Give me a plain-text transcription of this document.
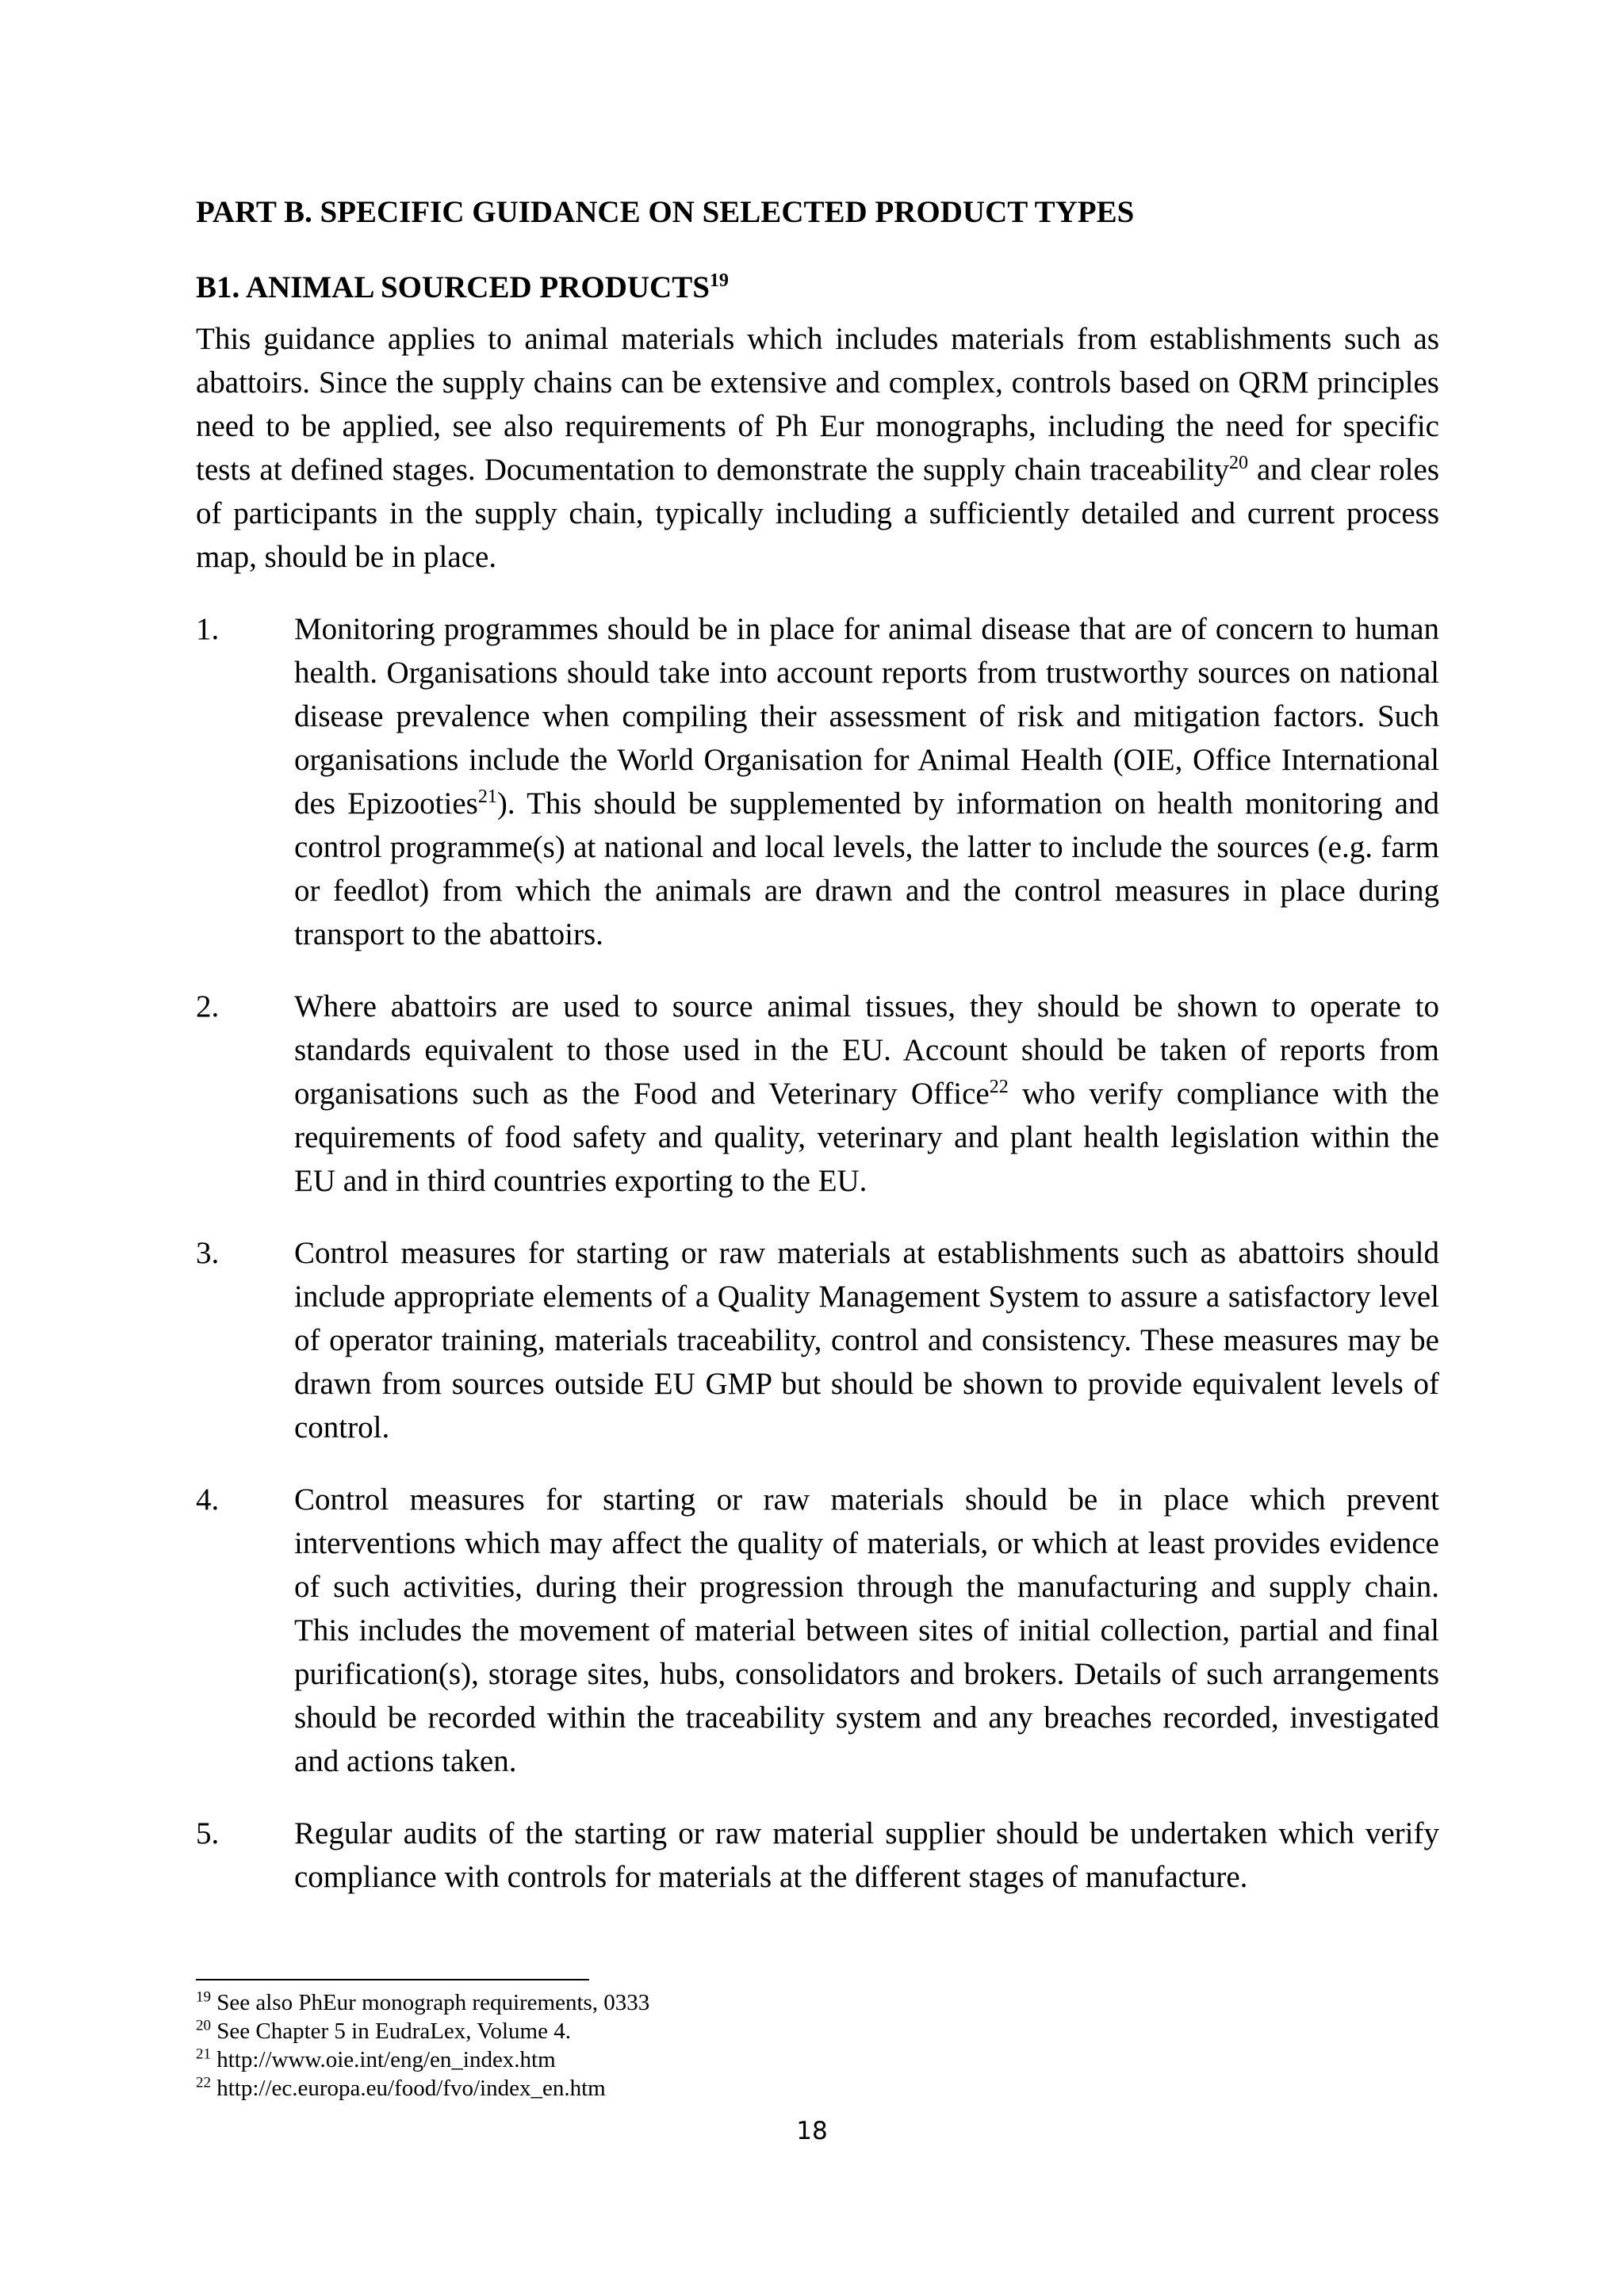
PART B. SPECIFIC GUIDANCE ON SELECTED PRODUCT TYPES
B1. ANIMAL SOURCED PRODUCTS$^{19}$

This guidance applies to animal materials which includes materials from establishments such as abattoirs. Since the supply chains can be extensive and complex, controls based on QRM principles need to be applied, see also requirements of Ph Eur monographs, including the need for specific tests at defined stages. Documentation to demonstrate the supply chain traceability$^{20}$ and clear roles of participants in the supply chain, typically including a sufficiently detailed and current process map, should be in place.

1. Monitoring programmes should be in place for animal disease that are of concern to human health. Organisations should take into account reports from trustworthy sources on national disease prevalence when compiling their assessment of risk and mitigation factors. Such organisations include the World Organisation for Animal Health (OIE, Office International des Epizooties$^{21}$). This should be supplemented by information on health monitoring and control programme(s) at national and local levels, the latter to include the sources (e.g. farm or feedlot) from which the animals are drawn and the control measures in place during transport to the abattoirs.
2. Where abattoirs are used to source animal tissues, they should be shown to operate to standards equivalent to those used in the EU. Account should be taken of reports from organisations such as the Food and Veterinary Office$^{22}$ who verify compliance with the requirements of food safety and quality, veterinary and plant health legislation within the EU and in third countries exporting to the EU.
3. Control measures for starting or raw materials at establishments such as abattoirs should include appropriate elements of a Quality Management System to assure a satisfactory level of operator training, materials traceability, control and consistency. These measures may be drawn from sources outside EU GMP but should be shown to provide equivalent levels of control.
4. Control measures for starting or raw materials should be in place which prevent interventions which may affect the quality of materials, or which at least provides evidence of such activities, during their progression through the manufacturing and supply chain. This includes the movement of material between sites of initial collection, partial and final purification(s), storage sites, hubs, consolidators and brokers. Details of such arrangements should be recorded within the traceability system and any breaches recorded, investigated and actions taken.
5. Regular audits of the starting or raw material supplier should be undertaken which verify compliance with controls for materials at the different stages of manufacture.

$^{19}$ See also PhEur monograph requirements, 0333

$^{20}$ See Chapter 5 in EudraLex, Volume 4.

$^{21}$ http://www.oie.int/eng/en_index.htm

$^{22}$ http://ec.europa.eu/food/fvo/index_en.htm

18
